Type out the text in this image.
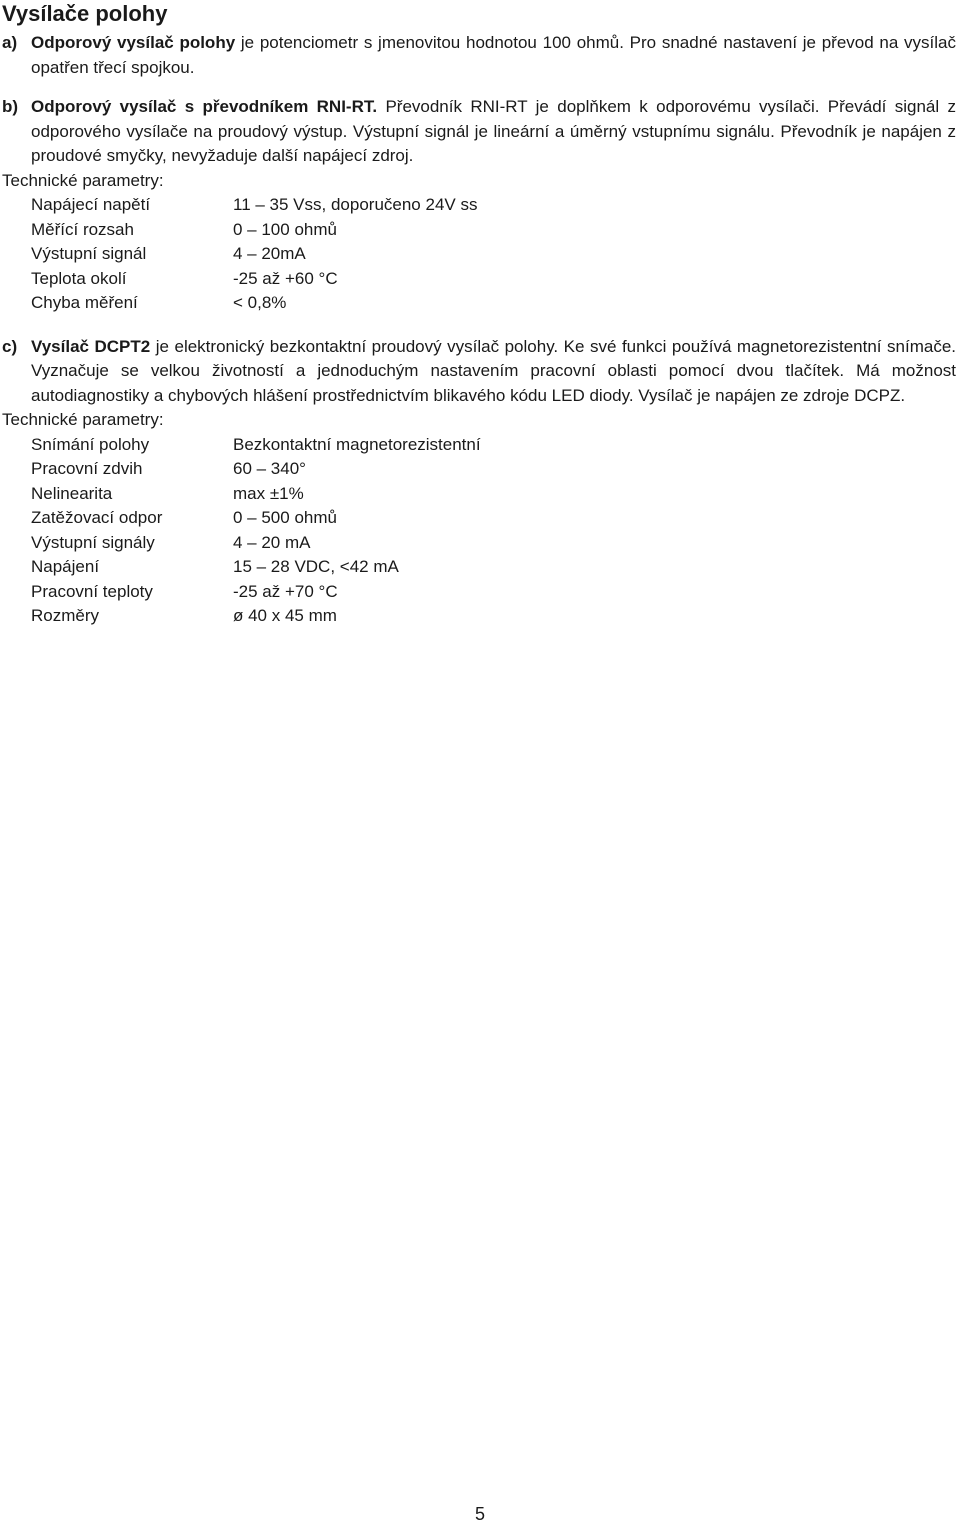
Vysílače polohy

a) Odporový vysílač polohy je potenciometr s jmenovitou hodnotou 100 ohmů. Pro snadné nastavení je převod na vysílač opatřen třecí spojkou.

b) Odporový vysílač s převodníkem RNI-RT. Převodník RNI-RT je doplňkem k odporovému vysílači. Převádí signál z odporového vysílače na proudový výstup. Výstupní signál je lineární a úměrný vstupnímu signálu. Převodník je napájen z proudové smyčky, nevyžaduje další napájecí zdroj.

Technické parametry:

Napájecí napětí	11 – 35 Vss, doporučeno 24V ss
Měřící rozsah	0 – 100 ohmů
Výstupní signál	4 – 20mA
Teplota okolí	-25 až +60 °C
Chyba měření	< 0,8%

c) Vysílač DCPT2 je elektronický bezkontaktní proudový vysílač polohy. Ke své funkci používá magnetorezistentní snímače. Vyznačuje se velkou životností a jednoduchým nastavením pracovní oblasti pomocí dvou tlačítek. Má možnost autodiagnostiky a chybových hlášení prostřednictvím blikavého kódu LED diody. Vysílač je napájen ze zdroje DCPZ.

Technické parametry:

Snímání polohy	Bezkontaktní magnetorezistentní
Pracovní zdvih	60 – 340°
Nelinearita	max ±1%
Zatěžovací odpor	0 – 500 ohmů
Výstupní signály	4 – 20 mA
Napájení	15 – 28 VDC, <42 mA
Pracovní teploty	-25 až +70 °C
Rozměry	ø 40 x 45 mm
5
